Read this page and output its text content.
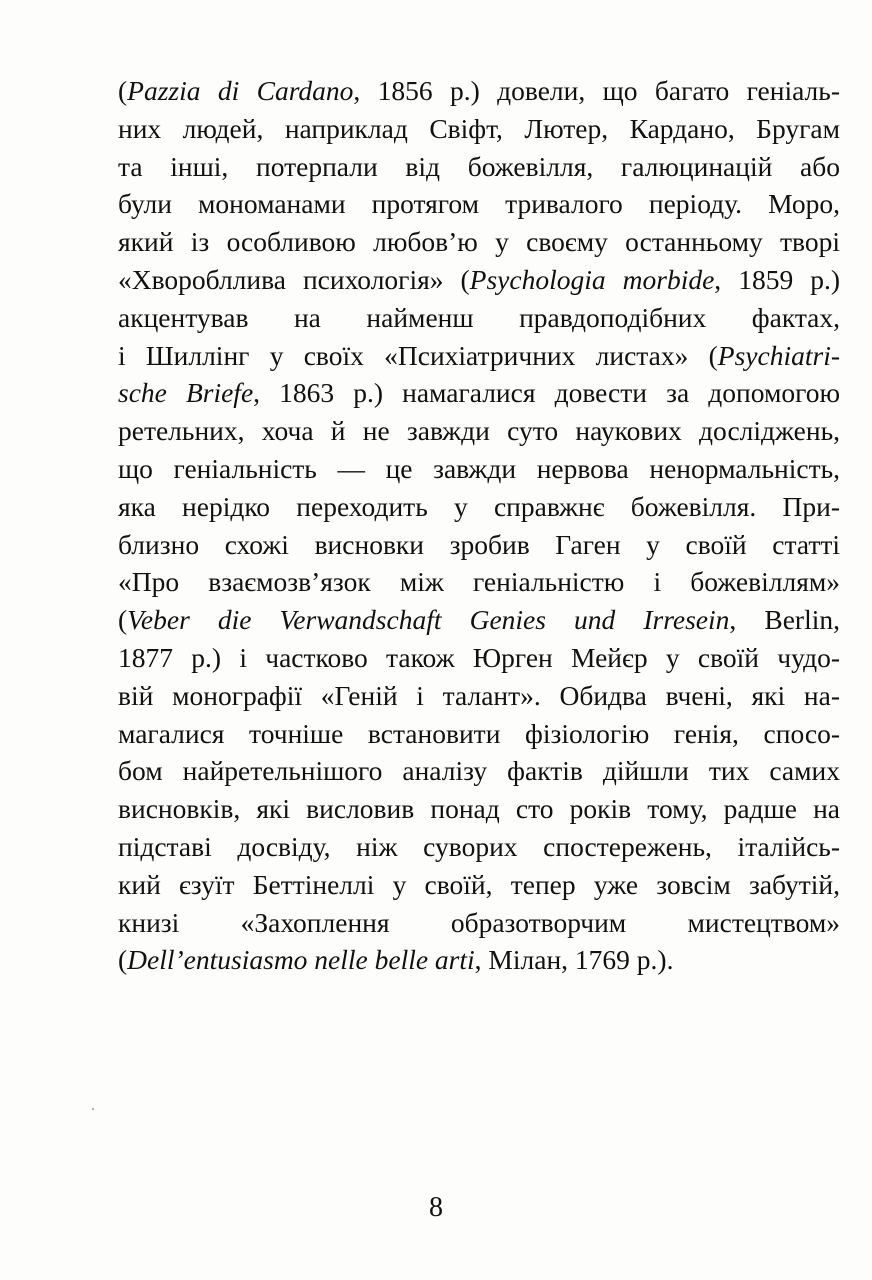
(Pazzia di Cardano, 1856 р.) довели, що багато геніаль-
них людей, наприклад Свіфт, Лютер, Кардано, Бругам
та інші, потерпали від божевілля, галюцинацій або
були мономанами протягом тривалого періоду. Моро,
який із особливою любов’ю у своєму останньому творі
«Хворобллива психологія» (Psychologia morbide, 1859 р.)
акцентував на найменш правдоподібних фактах,
і Шиллінг у своїх «Психіатричних листах» (Psychiatri-
sche Briefe, 1863 р.) намагалися довести за допомогою
ретельних, хоча й не завжди суто наукових досліджень,
що геніальність — це завжди нервова ненормальність,
яка нерідко переходить у справжнє божевілля. При-
близно схожі висновки зробив Гаген у своїй статті
«Про взаємозв’язок між геніальністю і божевіллям»
(Veber die Verwandschaft Genies und Irresein, Berlin,
1877 р.) і частково також Юрген Мейєр у своїй чудо-
вій монографії «Геній і талант». Обидва вчені, які на-
магалися точніше встановити фізіологію генія, спосо-
бом найретельнішого аналізу фактів дійшли тих самих
висновків, які висловив понад сто років тому, радше на
підставі досвіду, ніж суворих спостережень, італійсь-
кий єзуїт Беттінеллі у своїй, тепер уже зовсім забутій,
книзі «Захоплення образотворчим мистецтвом»
(Dell’entusiasmo nelle belle arti, Мілан, 1769 р.).
8
